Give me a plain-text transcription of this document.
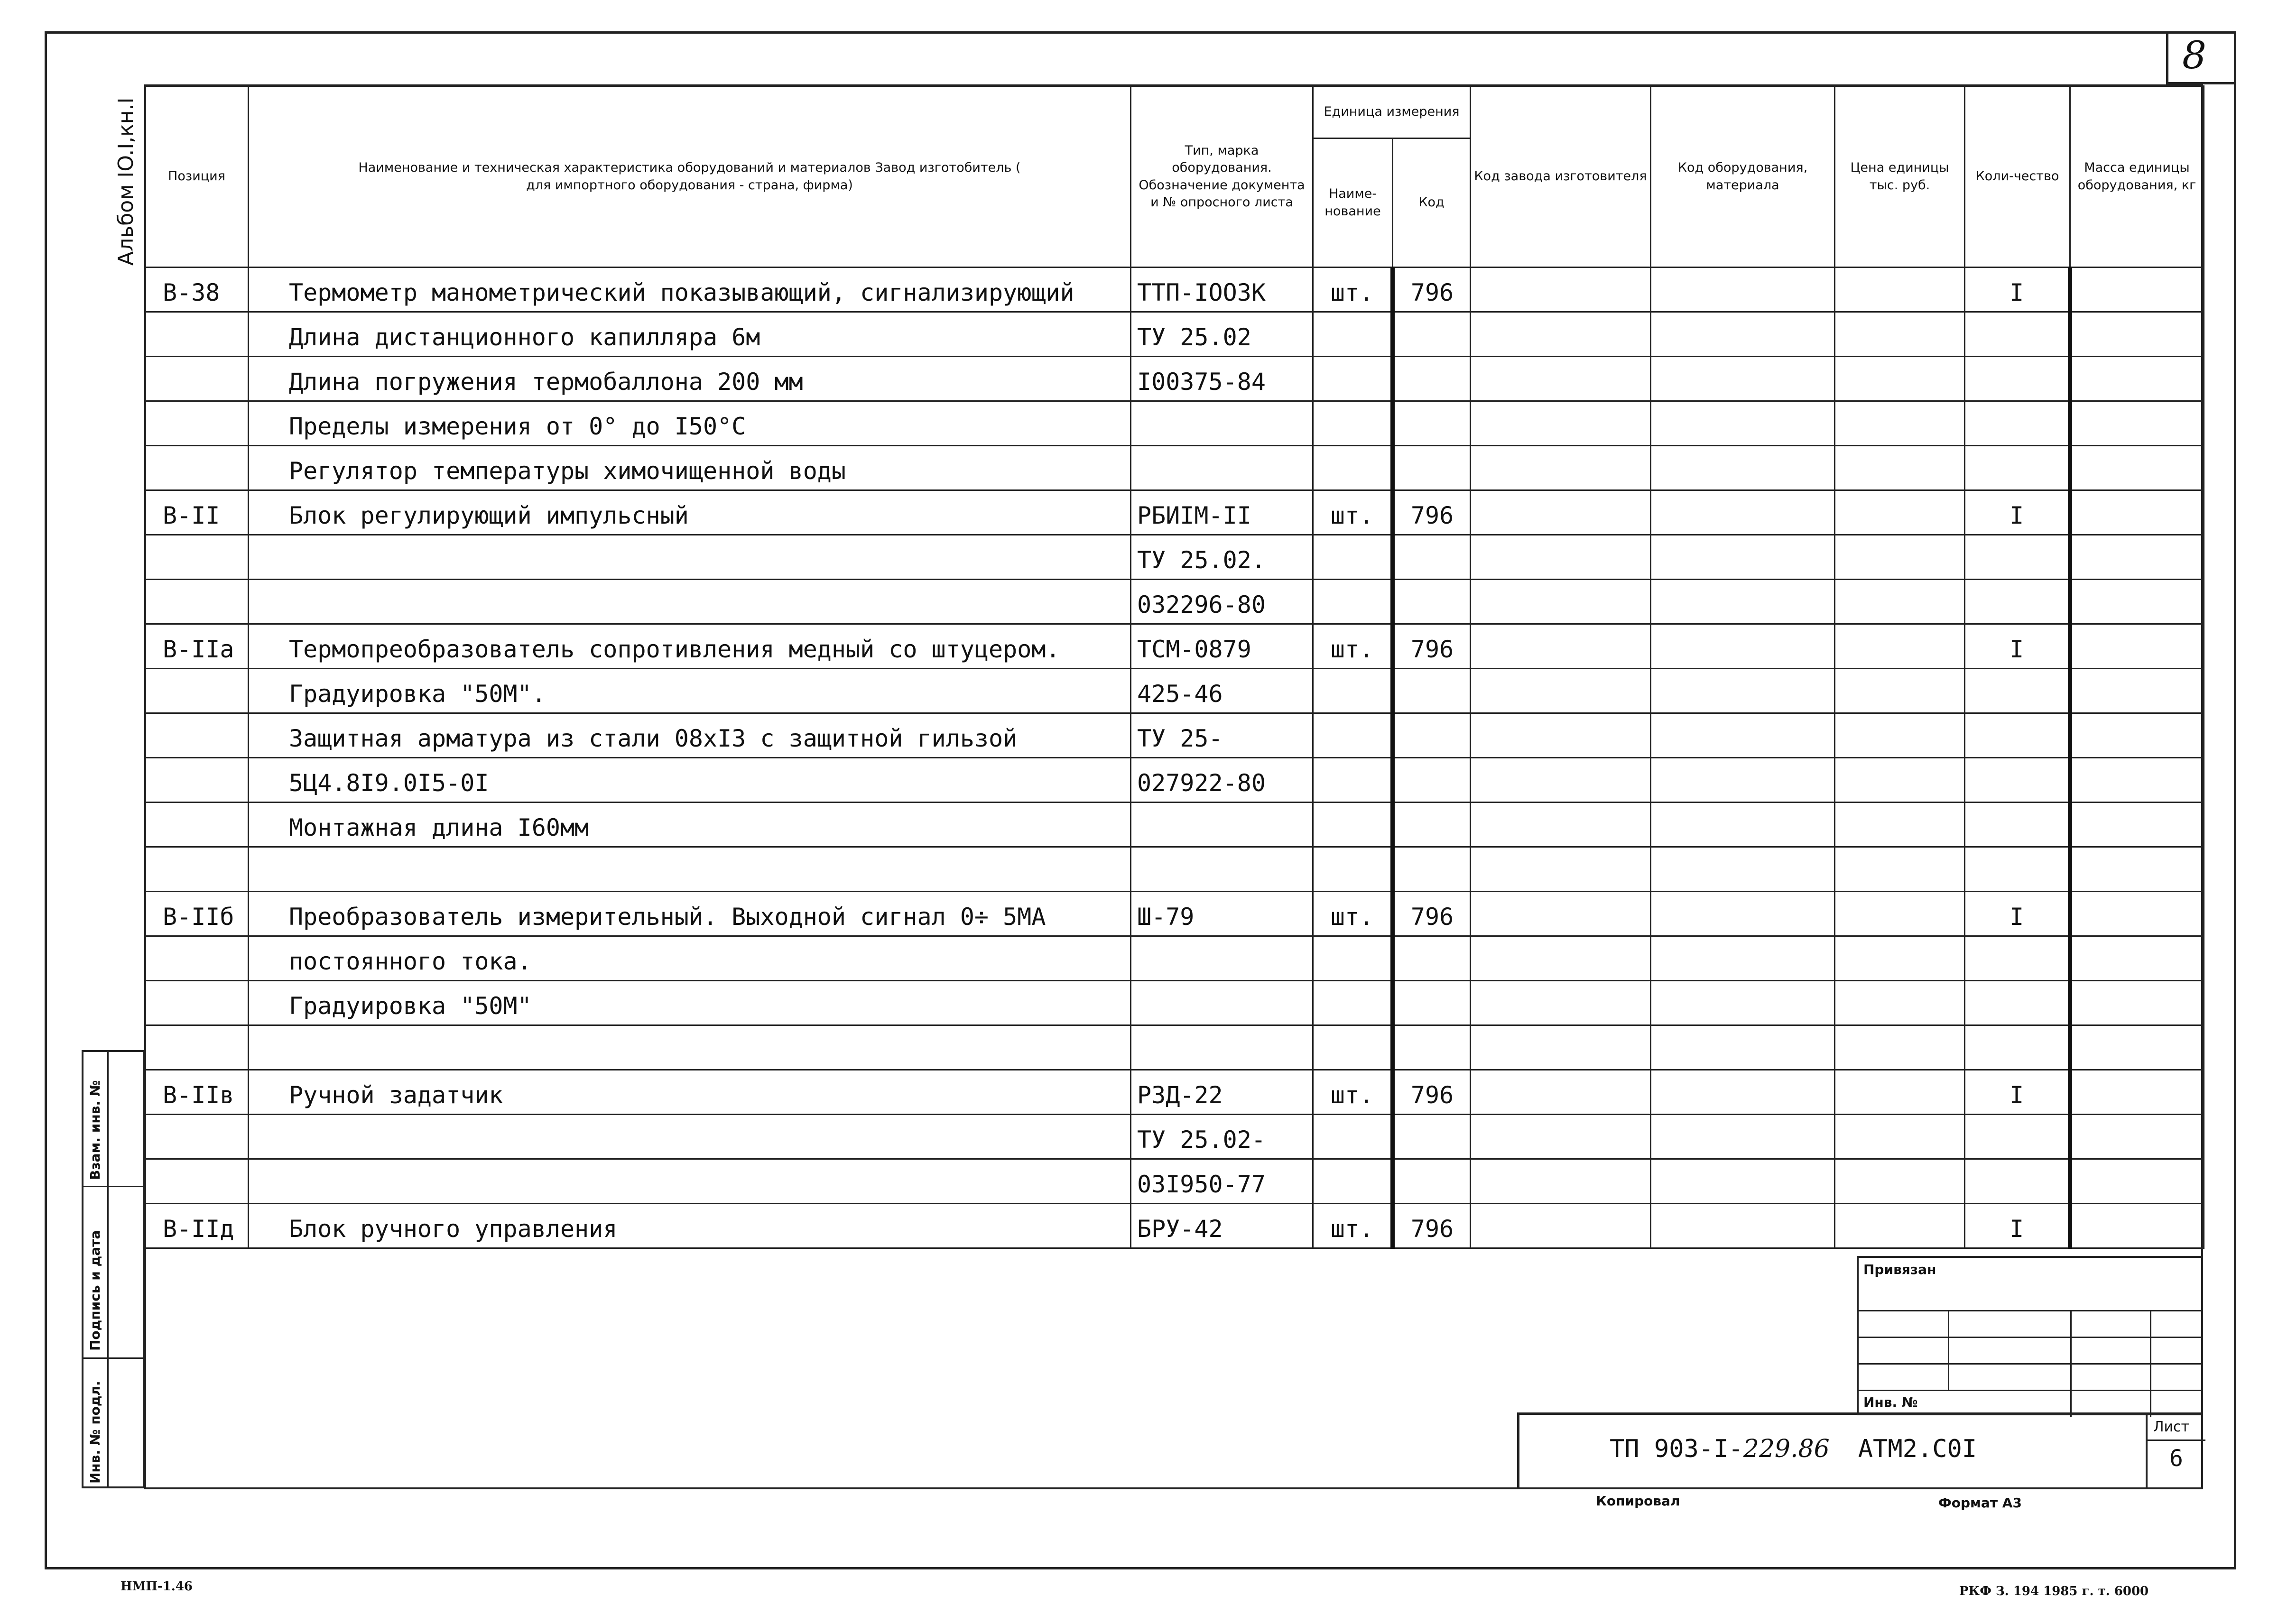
8
Альбом IO.I,кн.I Позиция	Наименование и техническая характеристика оборудований и материалов Завод изготобитель ( для импортного оборудования - страна, фирма)	Тип, марка оборудования. Обозначение документа и № опросного листа	Единица измерения		Код завода изготовителя	Код оборудования, материала	Цена единицы тыс. руб.	Коли-чество	Масса единицы оборудования, кг
			Наиме-нование	Код					
В-38	Термометр манометрический показывающий, сигнализирующий	ТТП-IOOЗК	шт.	796				I	
	Длина дистанционного капилляра 6м	ТУ 25.02							
	Длина погружения термобаллона 200 мм	I00375-84							
	Пределы измерения от 0° до I50°С								
	Регулятор температуры химочищенной воды								
В-II	Блок регулирующий импульсный	РБИIМ-II	шт.	796				I	
		ТУ 25.02.							
		032296-80							
В-IIа	Термопреобразователь сопротивления медный со штуцером.	ТСМ-0879	шт.	796				I	
	Градуировка "50М".	425-46							
	Защитная арматура из стали 08хI3 с защитной гильзой	ТУ 25-							
	5Ц4.8I9.0I5-0I	027922-80							
	Монтажная длина I60мм								

В-IIб	Преобразователь измерительный. Выходной сигнал 0÷ 5МА	Ш-79	шт.	796				I	
	постоянного тока.								
	Градуировка "50М"								

В-IIв	Ручной задатчик	РЗД-22	шт.	796				I	
		ТУ 25.02-							
		03I950-77							
В-IIд	Блок ручного управления	БРУ-42	шт.	796				I	
Взам. инв. №
Подпись и дата
Инв. № подл.
Привязан
Инв. №
ТП 903-I-229.86 АТМ2.С0I
Лист
6
Копировал	Формат А3
НМП-1.46	РКФ З. 194 1985 г. т. 6000
